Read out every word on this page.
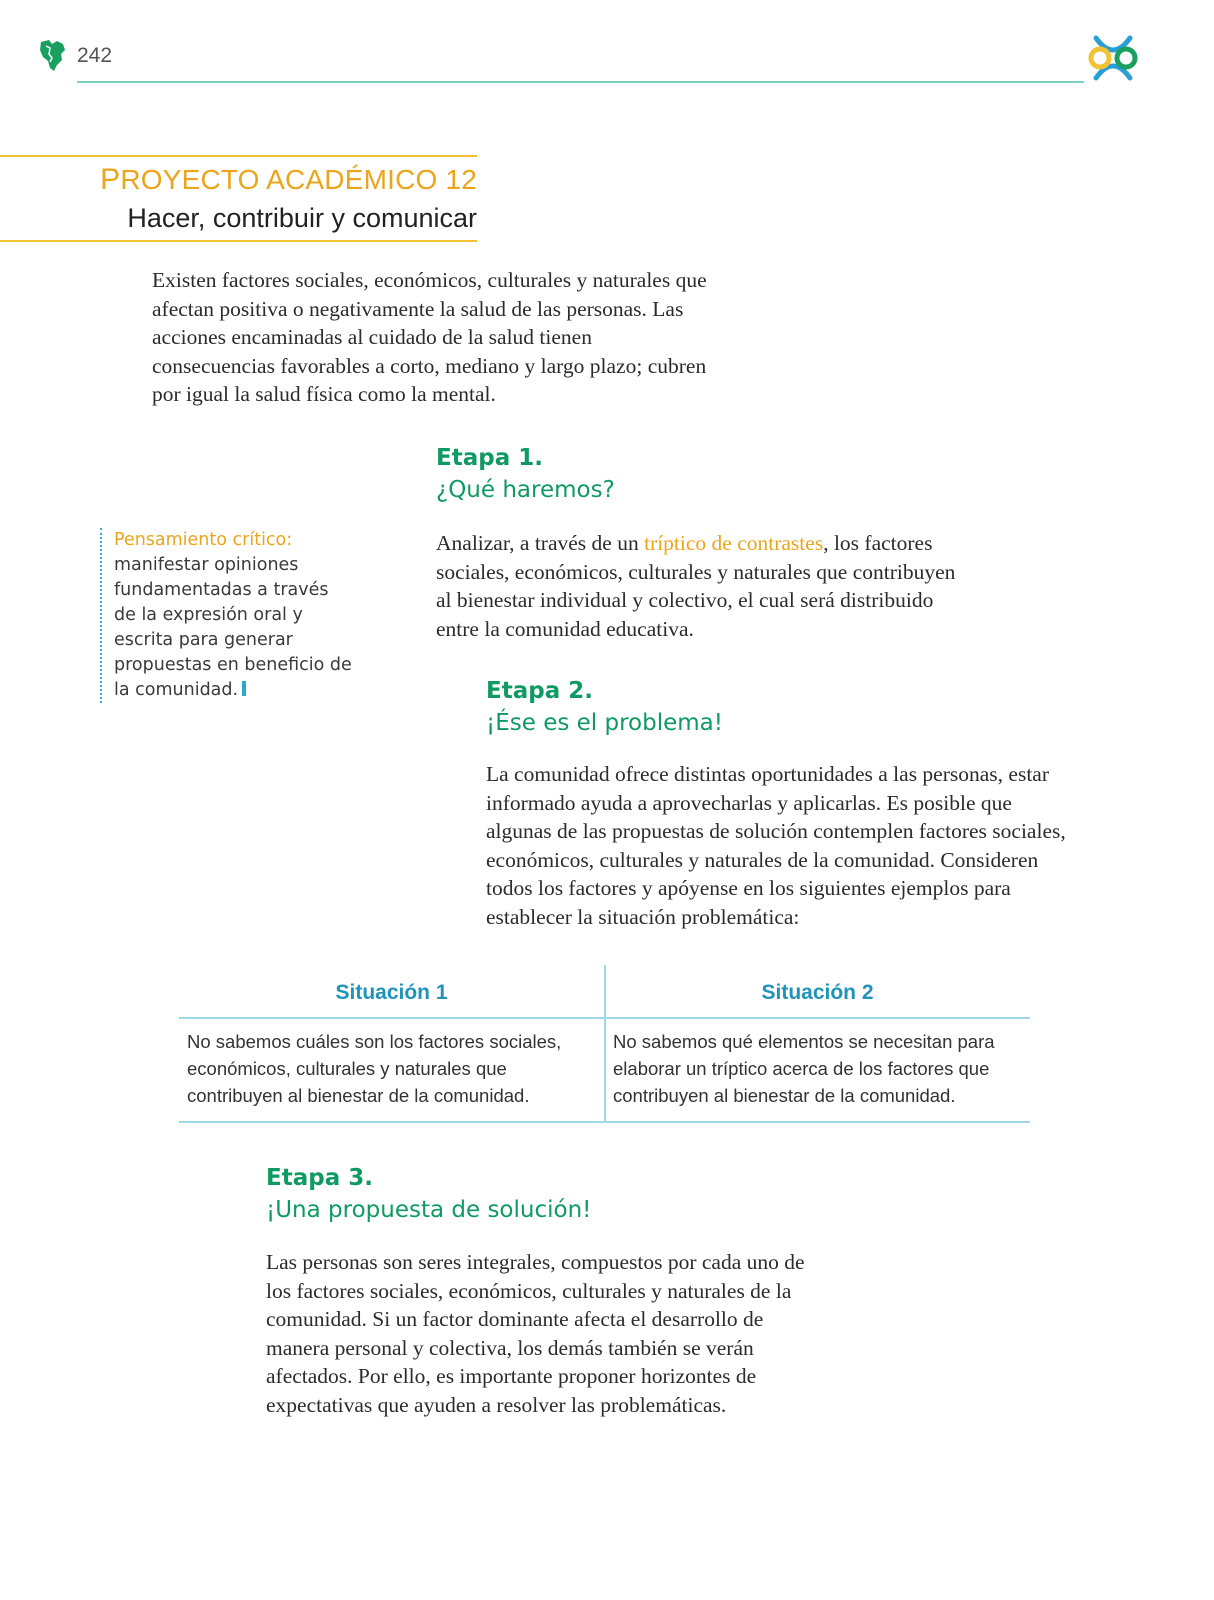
242
PROYECTO ACADÉMICO 12
Hacer, contribuir y comunicar

Existen factores sociales, económicos, culturales y naturales que afectan positiva o negativamente la salud de las personas. Las acciones encaminadas al cuidado de la salud tienen consecuencias favorables a corto, mediano y largo plazo; cubren por igual la salud física como la mental.

Etapa 1.
¿Qué haremos?

Analizar, a través de un tríptico de contrastes, los factores sociales, económicos, culturales y naturales que contribuyen al bienestar individual y colectivo, el cual será distribuido entre la comunidad educativa.

Pensamiento crítico:
manifestar opiniones fundamentadas a través de la expresión oral y escrita para generar propuestas en beneficio de la comunidad.	Etapa 2.
¡Ése es el problema!

La comunidad ofrece distintas oportunidades a las personas, estar informado ayuda a aprovecharlas y aplicarlas. Es posible que algunas de las propuestas de solución contemplen factores sociales, económicos, culturales y naturales de la comunidad. Consideren todos los factores y apóyense en los siguientes ejemplos para establecer la situación problemática:

Situación 1	Situación 2
No sabemos cuáles son los factores sociales, económicos, culturales y naturales que contribuyen al bienestar de la comunidad.
No sabemos qué elementos se necesitan para elaborar un tríptico acerca de los factores que contribuyen al bienestar de la comunidad.
Etapa 3.
¡Una propuesta de solución!

Las personas son seres integrales, compuestos por cada uno de los factores sociales, económicos, culturales y naturales de la comunidad. Si un factor dominante afecta el desarrollo de manera personal y colectiva, los demás también se verán afectados. Por ello, es importante proponer horizontes de expectativas que ayuden a resolver las problemáticas.
